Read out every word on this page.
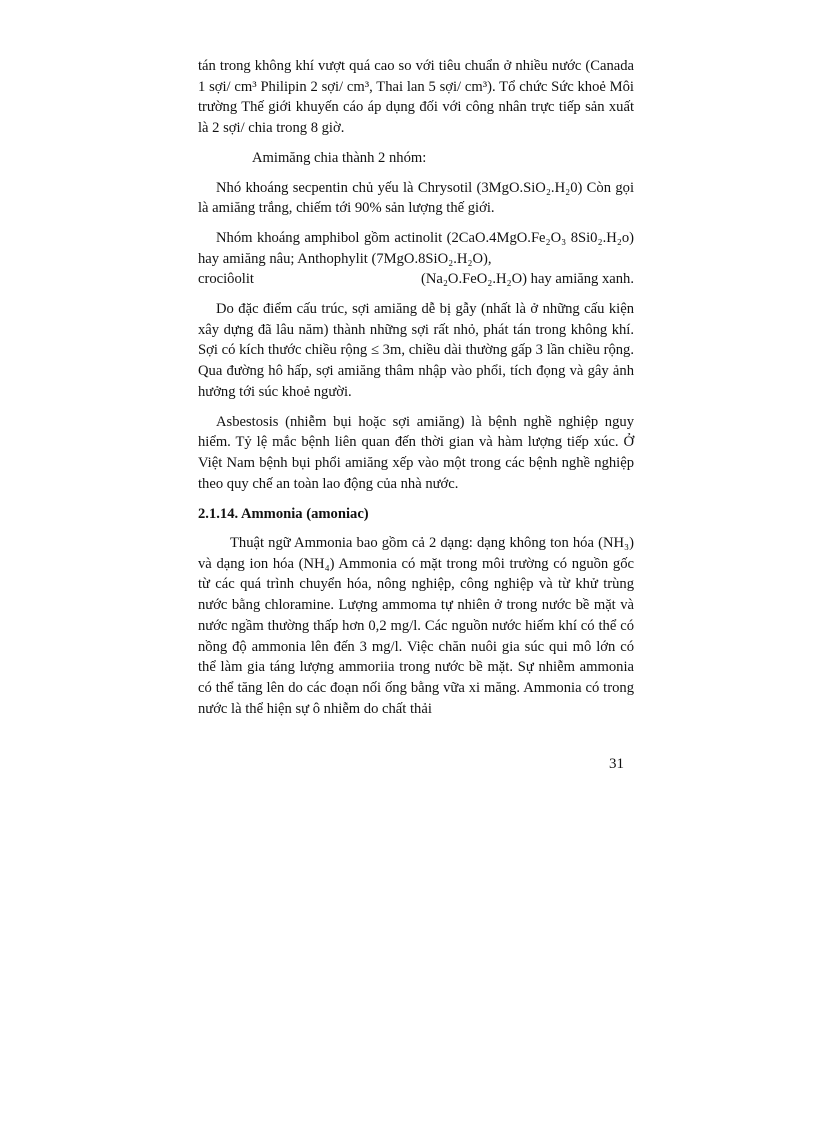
tán trong không khí vượt quá cao so với tiêu chuẩn ở nhiều nước (Canada 1 sợi/ cm³ Philipin 2 sợi/ cm³, Thai lan 5 sợi/ cm³). Tổ chức Sức khoẻ Môi trường Thế giới khuyến cáo áp dụng đối với công nhân trực tiếp sản xuất là 2 sợi/ chia trong 8 giờ.

Amimăng chia thành 2 nhóm:

Nhó khoáng secpentin chủ yếu là Chrysotil (3MgO.SiO₂.H₂0) Còn gọi là amiăng trắng, chiếm tới 90% sản lượng thế giới.

Nhóm khoáng amphibol gồm actinolit (2CaO.4MgO.Fe₂O₃ 8Si0₂.H₂o) hay amiăng nâu; Anthophylit (7MgO.8SiO₂.H₂O),

crociôolit	(Na₂O.FeO₂.H₂O) hay amiăng xanh.

Do đặc điểm cấu trúc, sợi amiăng dễ bị gẫy (nhất là ở những cấu kiện xây dựng đã lâu năm) thành những sợi rất nhỏ, phát tán trong không khí. Sợi có kích thước chiều rộng ≤ 3m, chiều dài thường gấp 3 lần chiều rộng. Qua đường hô hấp, sợi amiăng thâm nhập vào phổi, tích đọng và gây ảnh hưởng tới súc khoẻ người.

Asbestosis (nhiễm bụi hoặc sợi amiăng) là bệnh nghề nghiệp nguy hiểm. Tỷ lệ mắc bệnh liên quan đến thời gian và hàm lượng tiếp xúc. Ở Việt Nam bệnh bụi phổi amiăng xếp vào một trong các bệnh nghề nghiệp theo quy chế an toàn lao động của nhà nước.

2.1.14. Ammonia (amoniac)

Thuật ngữ Ammonia bao gồm cả 2 dạng: dạng không ton hóa (NH₃) và dạng ion hóa (NH₄) Ammonia có mặt trong môi trường có nguồn gốc từ các quá trình chuyển hóa, nông nghiệp, công nghiệp và từ khử trùng nước bằng chloramine. Lượng ammoma tự nhiên ở trong nước bề mặt và nước ngầm thường thấp hơn 0,2 mg/l. Các nguồn nước hiếm khí có thể có nồng độ ammonia lên đến 3 mg/l. Việc chăn nuôi gia súc qui mô lớn có thể làm gia táng lượng ammoriia trong nước bề mặt. Sự nhiễm ammonia có thể tăng lên do các đoạn nối ống bằng vữa xi măng. Ammonia có trong nước là thể hiện sự ô nhiễm do chất thải

31
